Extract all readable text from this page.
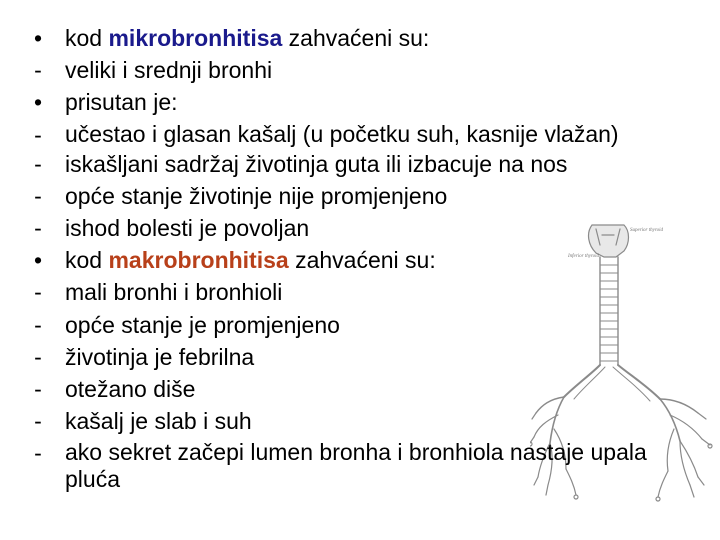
Superior thyroid
Inferior thyroid
• kod mikrobronhitisa zahvaćeni su:
- veliki i srednji bronhi
• prisutan je:
- učestao i glasan kašalj (u početku suh, kasnije vlažan)
- iskašljani sadržaj životinja guta ili izbacuje na nos
- opće stanje životinje nije promjenjeno
- ishod bolesti je povoljan
• kod makrobronhitisa zahvaćeni su:
- mali bronhi i bronhioli
- opće stanje je promjenjeno
- životinja je febrilna
- otežano diše
- kašalj je slab i suh
- ako sekret začepi lumen bronha i bronhiola nastaje upala pluća
